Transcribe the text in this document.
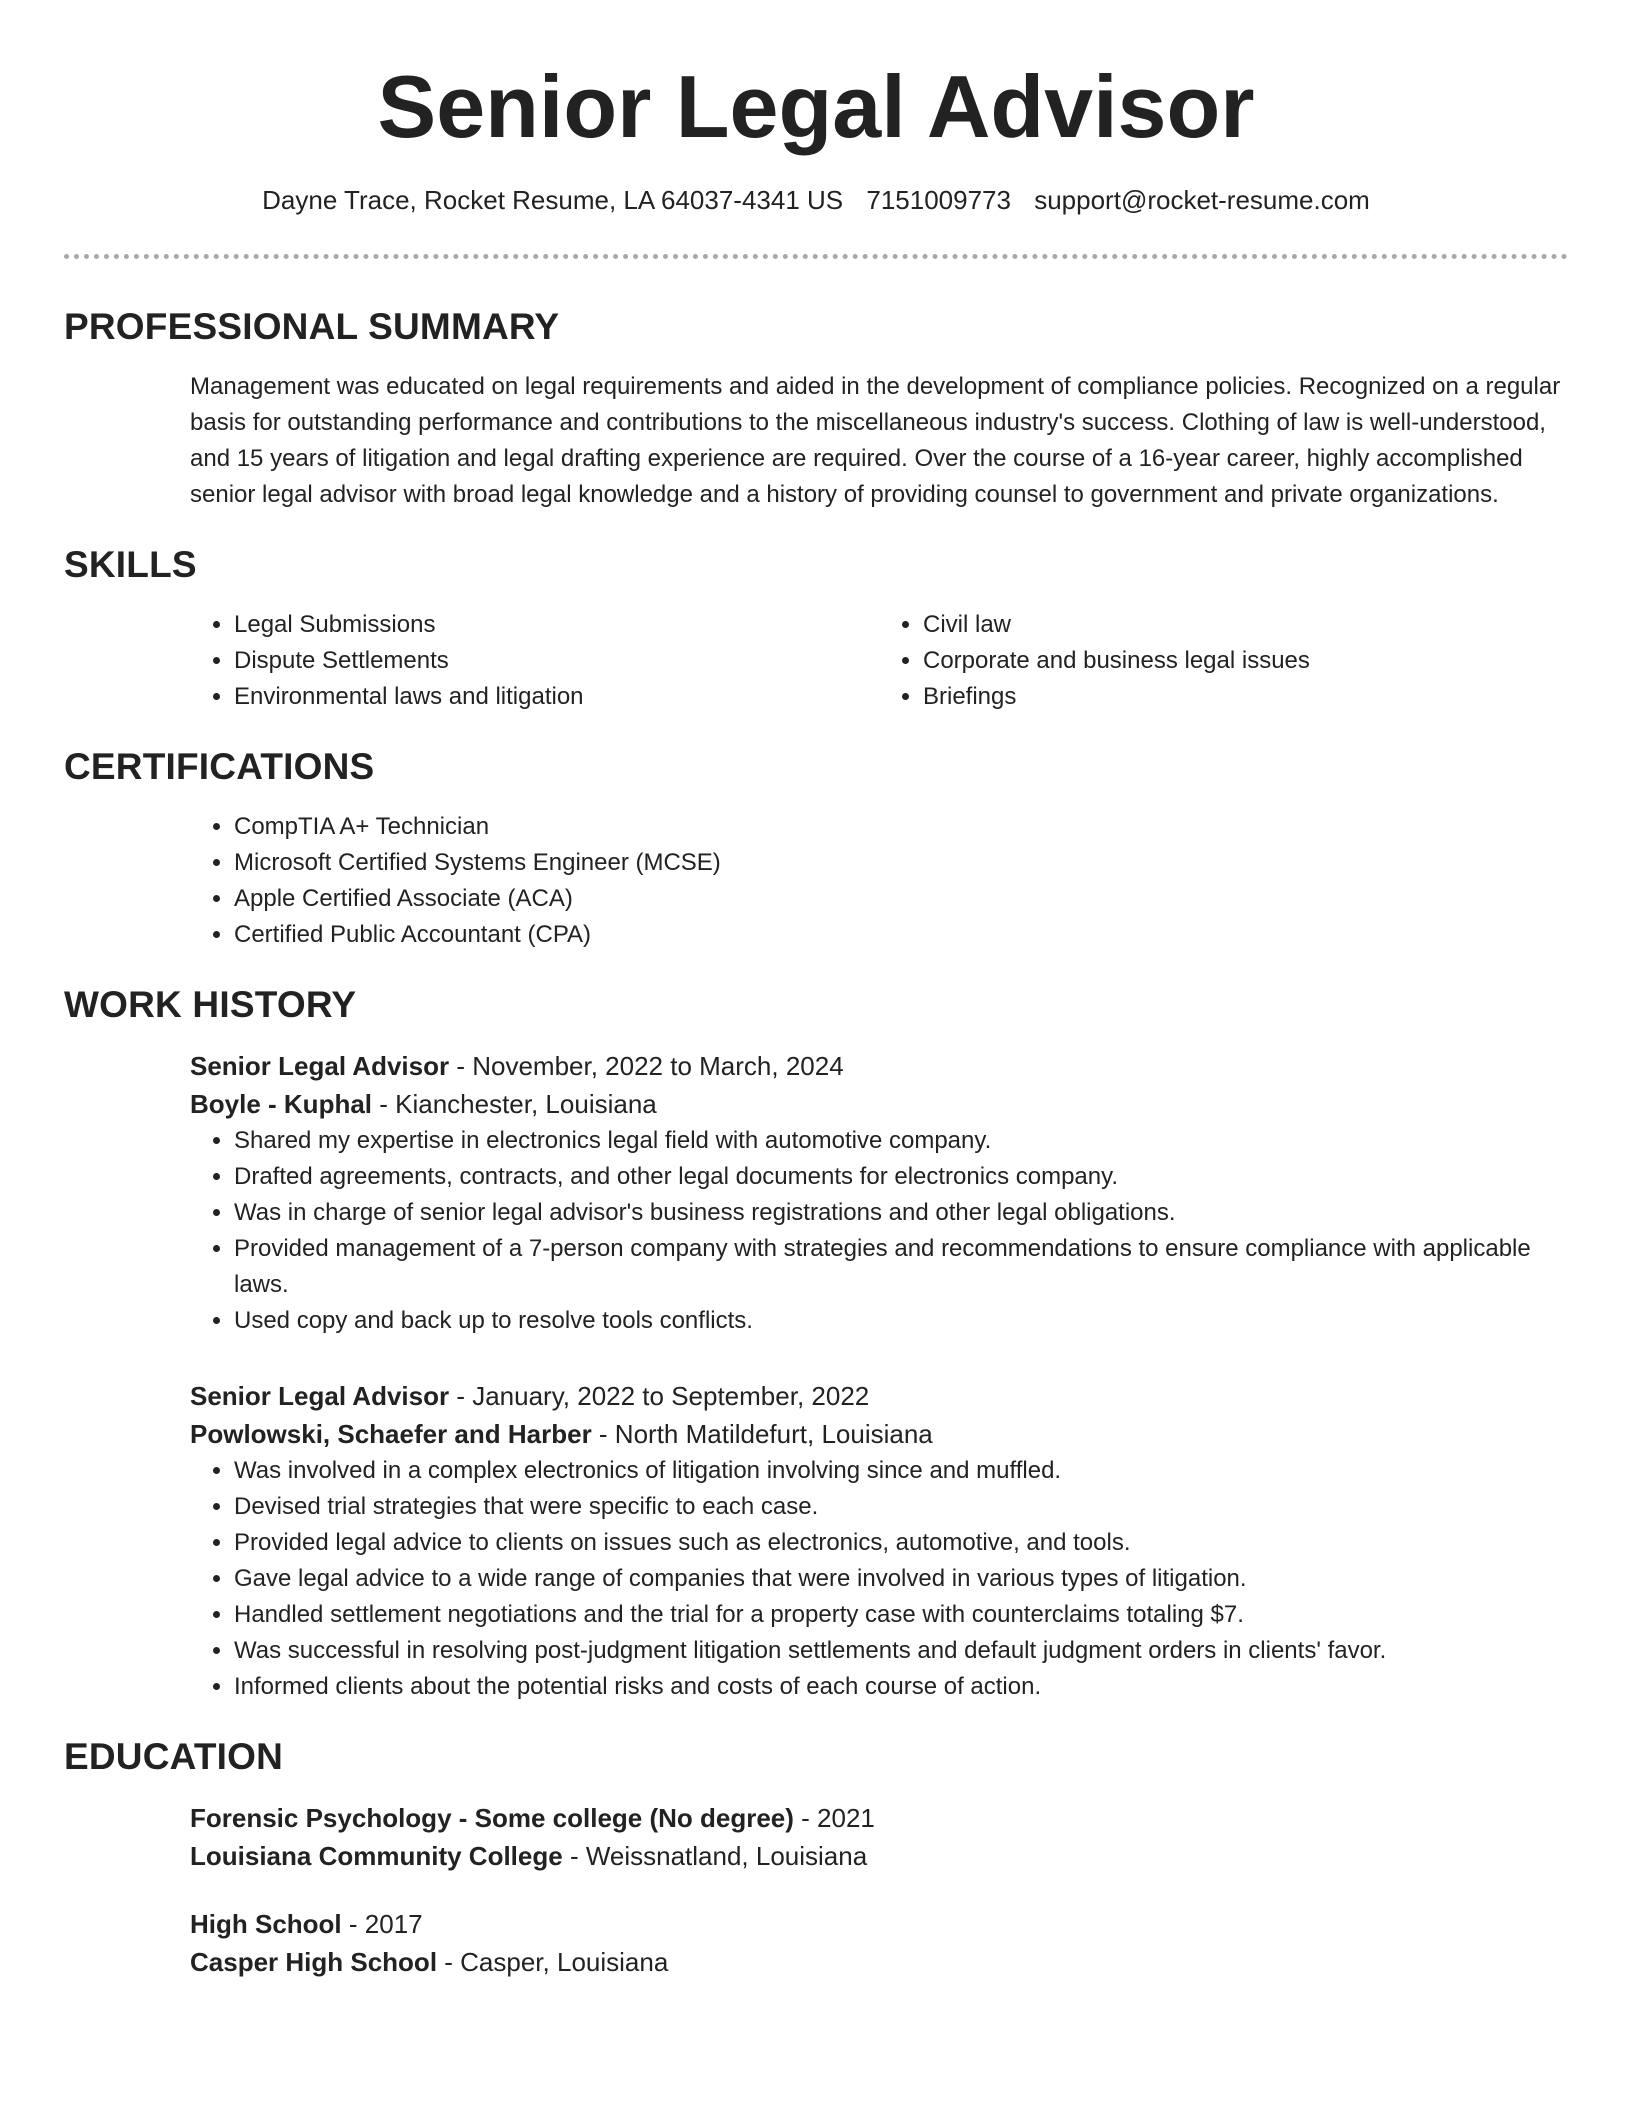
Senior Legal Advisor
Dayne Trace, Rocket Resume, LA 64037-4341 US 7151009773 support@rocket-resume.com
PROFESSIONAL SUMMARY
Management was educated on legal requirements and aided in the development of compliance policies. Recognized on a regular basis for outstanding performance and contributions to the miscellaneous industry's success. Clothing of law is well-understood, and 15 years of litigation and legal drafting experience are required. Over the course of a 16-year career, highly accomplished senior legal advisor with broad legal knowledge and a history of providing counsel to government and private organizations.
SKILLS
• Legal Submissions
• Dispute Settlements
• Environmental laws and litigation
• Civil law
• Corporate and business legal issues
• Briefings
CERTIFICATIONS
• CompTIA A+ Technician
• Microsoft Certified Systems Engineer (MCSE)
• Apple Certified Associate (ACA)
• Certified Public Accountant (CPA)
WORK HISTORY
Senior Legal Advisor - November, 2022 to March, 2024
Boyle - Kuphal - Kianchester, Louisiana
• Shared my expertise in electronics legal field with automotive company.
• Drafted agreements, contracts, and other legal documents for electronics company.
• Was in charge of senior legal advisor's business registrations and other legal obligations.
• Provided management of a 7-person company with strategies and recommendations to ensure compliance with applicable laws.
• Used copy and back up to resolve tools conflicts.
Senior Legal Advisor - January, 2022 to September, 2022
Powlowski, Schaefer and Harber - North Matildefurt, Louisiana
• Was involved in a complex electronics of litigation involving since and muffled.
• Devised trial strategies that were specific to each case.
• Provided legal advice to clients on issues such as electronics, automotive, and tools.
• Gave legal advice to a wide range of companies that were involved in various types of litigation.
• Handled settlement negotiations and the trial for a property case with counterclaims totaling $7.
• Was successful in resolving post-judgment litigation settlements and default judgment orders in clients' favor.
• Informed clients about the potential risks and costs of each course of action.
EDUCATION
Forensic Psychology - Some college (No degree) - 2021
Louisiana Community College - Weissnatland, Louisiana
High School - 2017
Casper High School - Casper, Louisiana
